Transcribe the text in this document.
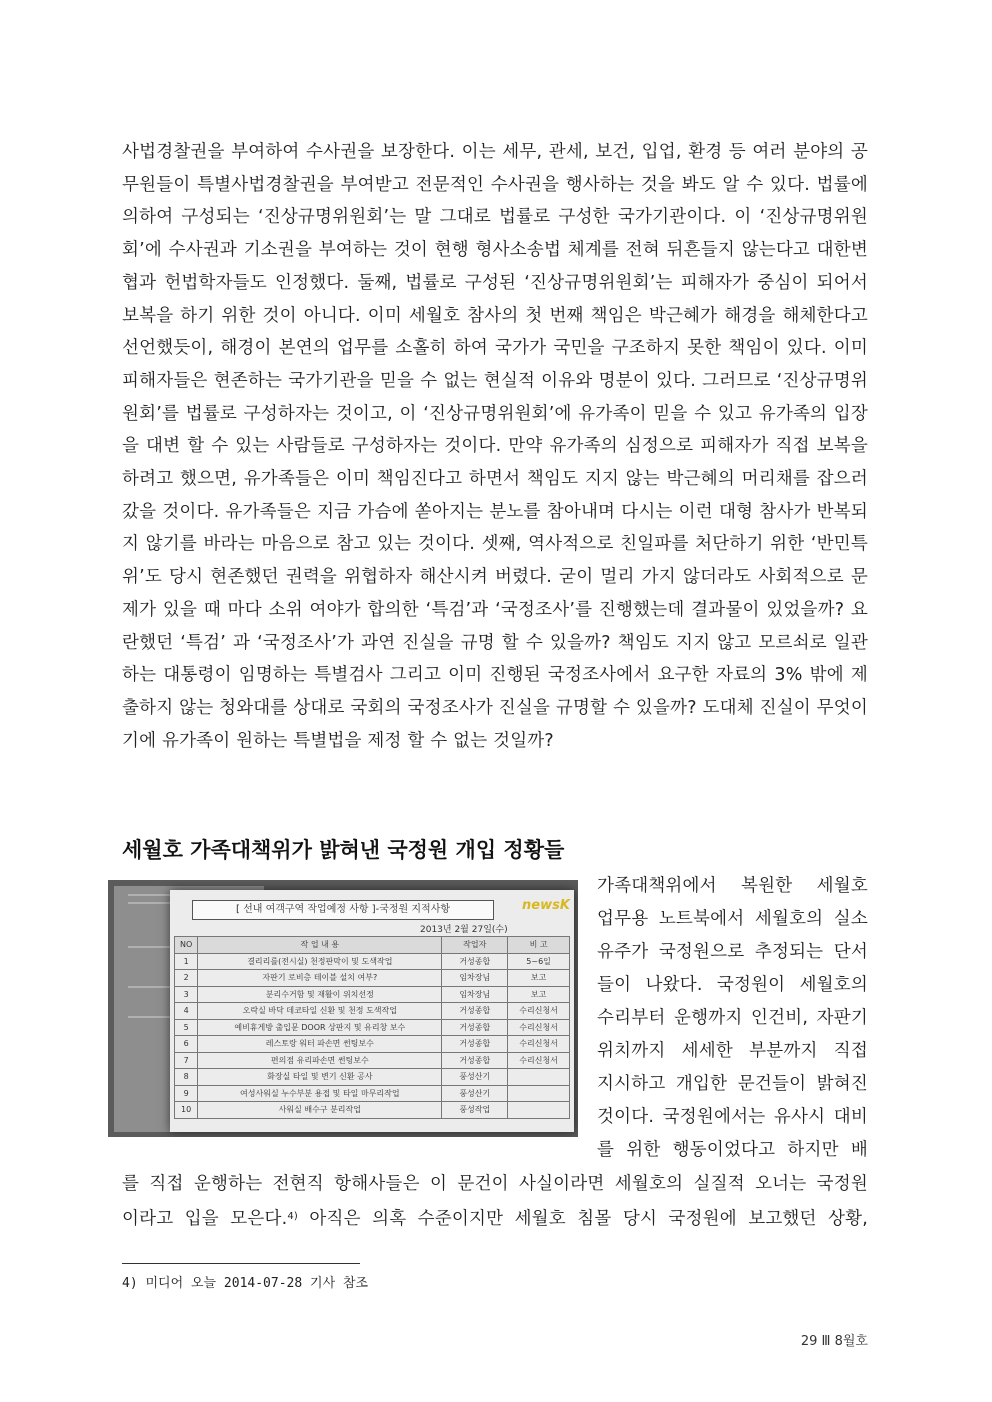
사법경찰권을 부여하여 수사권을 보장한다. 이는 세무, 관세, 보건, 입업, 환경 등 여러 분야의 공무원들이 특별사법경찰권을 부여받고 전문적인 수사권을 행사하는 것을 봐도 알 수 있다. 법률에 의하여 구성되는 ‘진상규명위원회’는 말 그대로 법률로 구성한 국가기관이다. 이 ‘진상규명위원회’에 수사권과 기소권을 부여하는 것이 현행 형사소송법 체계를 전혀 뒤흔들지 않는다고 대한변협과 헌법학자들도 인정했다. 둘째, 법률로 구성된 ‘진상규명위원회’는 피해자가 중심이 되어서 보복을 하기 위한 것이 아니다. 이미 세월호 참사의 첫 번째 책임은 박근혜가 해경을 해체한다고 선언했듯이, 해경이 본연의 업무를 소홀히 하여 국가가 국민을 구조하지 못한 책임이 있다. 이미 피해자들은 현존하는 국가기관을 믿을 수 없는 현실적 이유와 명분이 있다. 그러므로 ‘진상규명위원회’를 법률로 구성하자는 것이고, 이 ‘진상규명위원회’에 유가족이 믿을 수 있고 유가족의 입장을 대변 할 수 있는 사람들로 구성하자는 것이다. 만약 유가족의 심정으로 피해자가 직접 보복을 하려고 했으면, 유가족들은 이미 책임진다고 하면서 책임도 지지 않는 박근혜의 머리채를 잡으러 갔을 것이다. 유가족들은 지금 가슴에 쏟아지는 분노를 참아내며 다시는 이런 대형 참사가 반복되지 않기를 바라는 마음으로 참고 있는 것이다. 셋째, 역사적으로 친일파를 처단하기 위한 ‘반민특위’도 당시 현존했던 권력을 위협하자 해산시켜 버렸다. 굳이 멀리 가지 않더라도 사회적으로 문제가 있을 때 마다 소위 여야가 합의한 ‘특검’과 ‘국정조사’를 진행했는데 결과물이 있었을까? 요란했던 ‘특검’ 과 ‘국정조사’가 과연 진실을 규명 할 수 있을까? 책임도 지지 않고 모르쇠로 일관하는 대통령이 임명하는 특별검사 그리고 이미 진행된 국정조사에서 요구한 자료의 3% 밖에 제출하지 않는 청와대를 상대로 국회의 국정조사가 진실을 규명할 수 있을까? 도대체 진실이 무엇이기에 유가족이 원하는 특별법을 제정 할 수 없는 것일까?

세월호 가족대책위가 밝혀낸 국정원 개입 정황들
[ 선내 여객구역 작업예정 사항 ]-국정원 지적사항
2013년 2월 27일(수)
newsK
NO	작 업 내 용	작업자	비 고
1	결리리를(전시실) 천정판막이 및 도색작업	거성종합	5~6일
2	자판기 로비층 테이블 설치 여부?	임차장님	보고
3	분리수거함 및 재활이 위치선정	임차장님	보고
4	오락실 바닥 데코타일 신환 및 천정 도색작업	거성종합	수리신청서
5	예비휴게방 출입문 DOOR 상판지 및 유리창 보수	거성종합	수리신청서
6	레스토랑 워터 파손면 썬팅보수	거성종합	수리신청서
7	편의점 유리파손면 썬팅보수	거성종합	수리신청서
8	화장실 타일 및 변기 신환 공사	풍성산기	
9	여성사워실 누수부분 용접 및 타일 마무리작업	풍성산기	
10	사워실 배수구 분리작업	풍성작업	

가족대책위에서 복원한 세월호

업무용 노트북에서 세월호의 실소

유주가 국정원으로 추정되는 단서

들이 나왔다. 국정원이 세월호의

수리부터 운행까지 인건비, 자판기

위치까지 세세한 부분까지 직접

지시하고 개입한 문건들이 밝혀진

것이다. 국정원에서는 유사시 대비

를 위한 행동이었다고 하지만 배

를 직접 운행하는 전현직 항해사들은 이 문건이 사실이라면 세월호의 실질적 오너는 국정원

이라고 입을 모은다.$^{4)}$ 아직은 의혹 수준이지만 세월호 침몰 당시 국정원에 보고했던 상황,

4) 미디어 오늘 2014-07-28 기사 참조

29 Ⅲ 8월호
